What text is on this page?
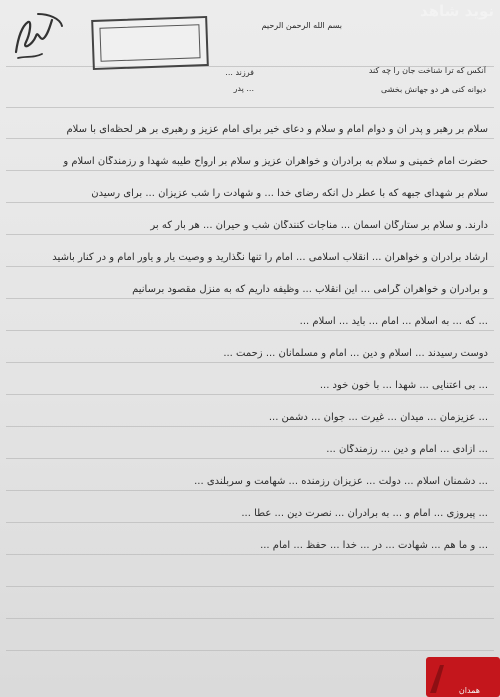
بسم الله الرحمن الرحیم
آنکس که ترا شناخت جان را چه کند
دیوانه کنی هر دو جهانش بخشی
فرزند ...
... پدر
سلام بر رهبر و پدر ان و دوام امام و سلام و دعای خیر برای امام عزیز و رهبری بر هر لحظه‌ای با سلام
حضرت امام خمینی و سلام به برادران و خواهران عزیز و سلام بر ارواح طیبه شهدا و رزمندگان اسلام و
سلام بر شهدای جبهه که با عطر دل آنکه رضای خدا ... و شهادت را شب عزیزان ... برای رسیدن
دارند. و سلام بر ستارگان آسمان ... مناجات کنندگان شب و حیران ... هر بار که بر
ارشاد برادران و خواهران ... انقلاب اسلامی ... امام را تنها نگذارید و وصیت یار و یاور امام و در کنار باشید
و برادران و خواهران گرامی ... این انقلاب ... وظیفه داریم که به منزل مقصود برسانیم
... که ... به اسلام ... امام ... باید ... اسلام ...
دوست رسیدند ... اسلام و دین ... امام و مسلمانان ... زحمت ...
... بی اعتنایی ... شهدا ... با خون خود ...
... عزیزمان ... میدان ... غیرت ... جوان ... دشمن ...
... آزادی ... امام و دین ... رزمندگان ...
... دشمنان اسلام ... دولت ... عزیزان رزمنده ... شهامت و سربلندی ...
... پیروزی ... امام و ... به برادران ... نصرت دین ... عطا ...
... و ما هم ... شهادت ... در ... خدا ... حفظ ... امام ...
نوید شاهد
همدان
